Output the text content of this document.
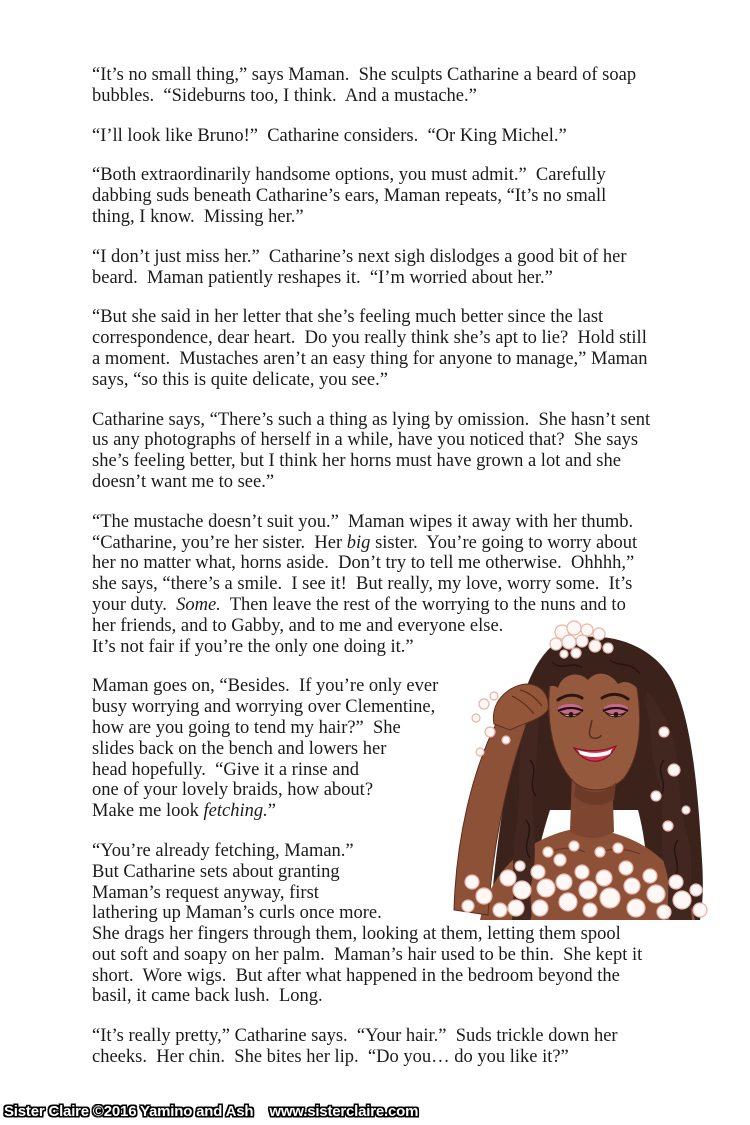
“It’s no small thing,” says Maman.  She sculpts Catharine a beard of soap
bubbles.  “Sideburns too, I think.  And a mustache.”
“I’ll look like Bruno!”  Catharine considers.  “Or King Michel.”
“Both extraordinarily handsome options, you must admit.”  Carefully
dabbing suds beneath Catharine’s ears, Maman repeats, “It’s no small
thing, I know.  Missing her.”
“I don’t just miss her.”  Catharine’s next sigh dislodges a good bit of her
beard.  Maman patiently reshapes it.  “I’m worried about her.”
“But she said in her letter that she’s feeling much better since the last
correspondence, dear heart.  Do you really think she’s apt to lie?  Hold still
a moment.  Mustaches aren’t an easy thing for anyone to manage,” Maman
says, “so this is quite delicate, you see.”
Catharine says, “There’s such a thing as lying by omission.  She hasn’t sent
us any photographs of herself in a while, have you noticed that?  She says
she’s feeling better, but I think her horns must have grown a lot and she
doesn’t want me to see.”
“The mustache doesn’t suit you.”  Maman wipes it away with her thumb.
“Catharine, you’re her sister.  Her big sister.  You’re going to worry about
her no matter what, horns aside.  Don’t try to tell me otherwise.  Ohhhh,”
she says, “there’s a smile.  I see it!  But really, my love, worry some.  It’s
your duty.  Some.  Then leave the rest of the worrying to the nuns and to
her friends, and to Gabby, and to me and everyone else.
It’s not fair if you’re the only one doing it.”
Maman goes on, “Besides.  If you’re only ever
busy worrying and worrying over Clementine,
how are you going to tend my hair?”  She
slides back on the bench and lowers her
head hopefully.  “Give it a rinse and
one of your lovely braids, how about?
Make me look fetching.”
“You’re already fetching, Maman.”
But Catharine sets about granting
Maman’s request anyway, first
lathering up Maman’s curls once more.
She drags her fingers through them, looking at them, letting them spool
out soft and soapy on her palm.  Maman’s hair used to be thin.  She kept it
short.  Wore wigs.  But after what happened in the bedroom beyond the
basil, it came back lush.  Long.
“It’s really pretty,” Catharine says.  “Your hair.”  Suds trickle down her
cheeks.  Her chin.  She bites her lip.  “Do you… do you like it?”
Sister Claire ©2016 Yamino and Ash www.sisterclaire.com
